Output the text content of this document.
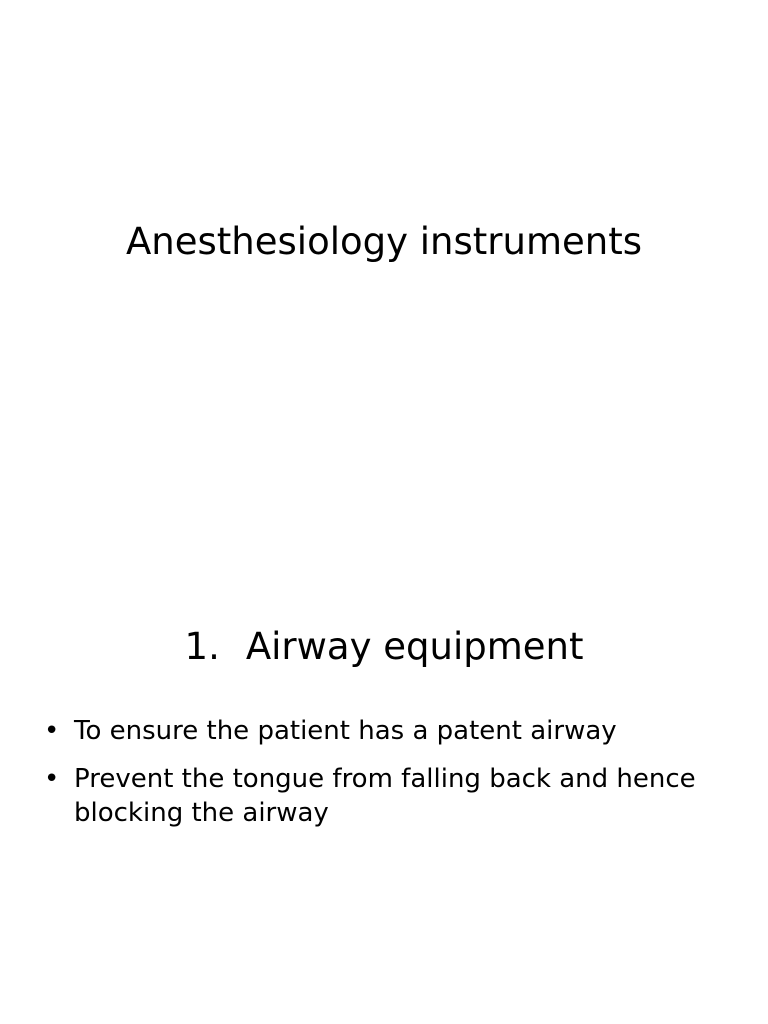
Anesthesiology instruments
1. Airway equipment
• To ensure the patient has a patent airway
• Prevent the tongue from falling back and hence blocking the airway
